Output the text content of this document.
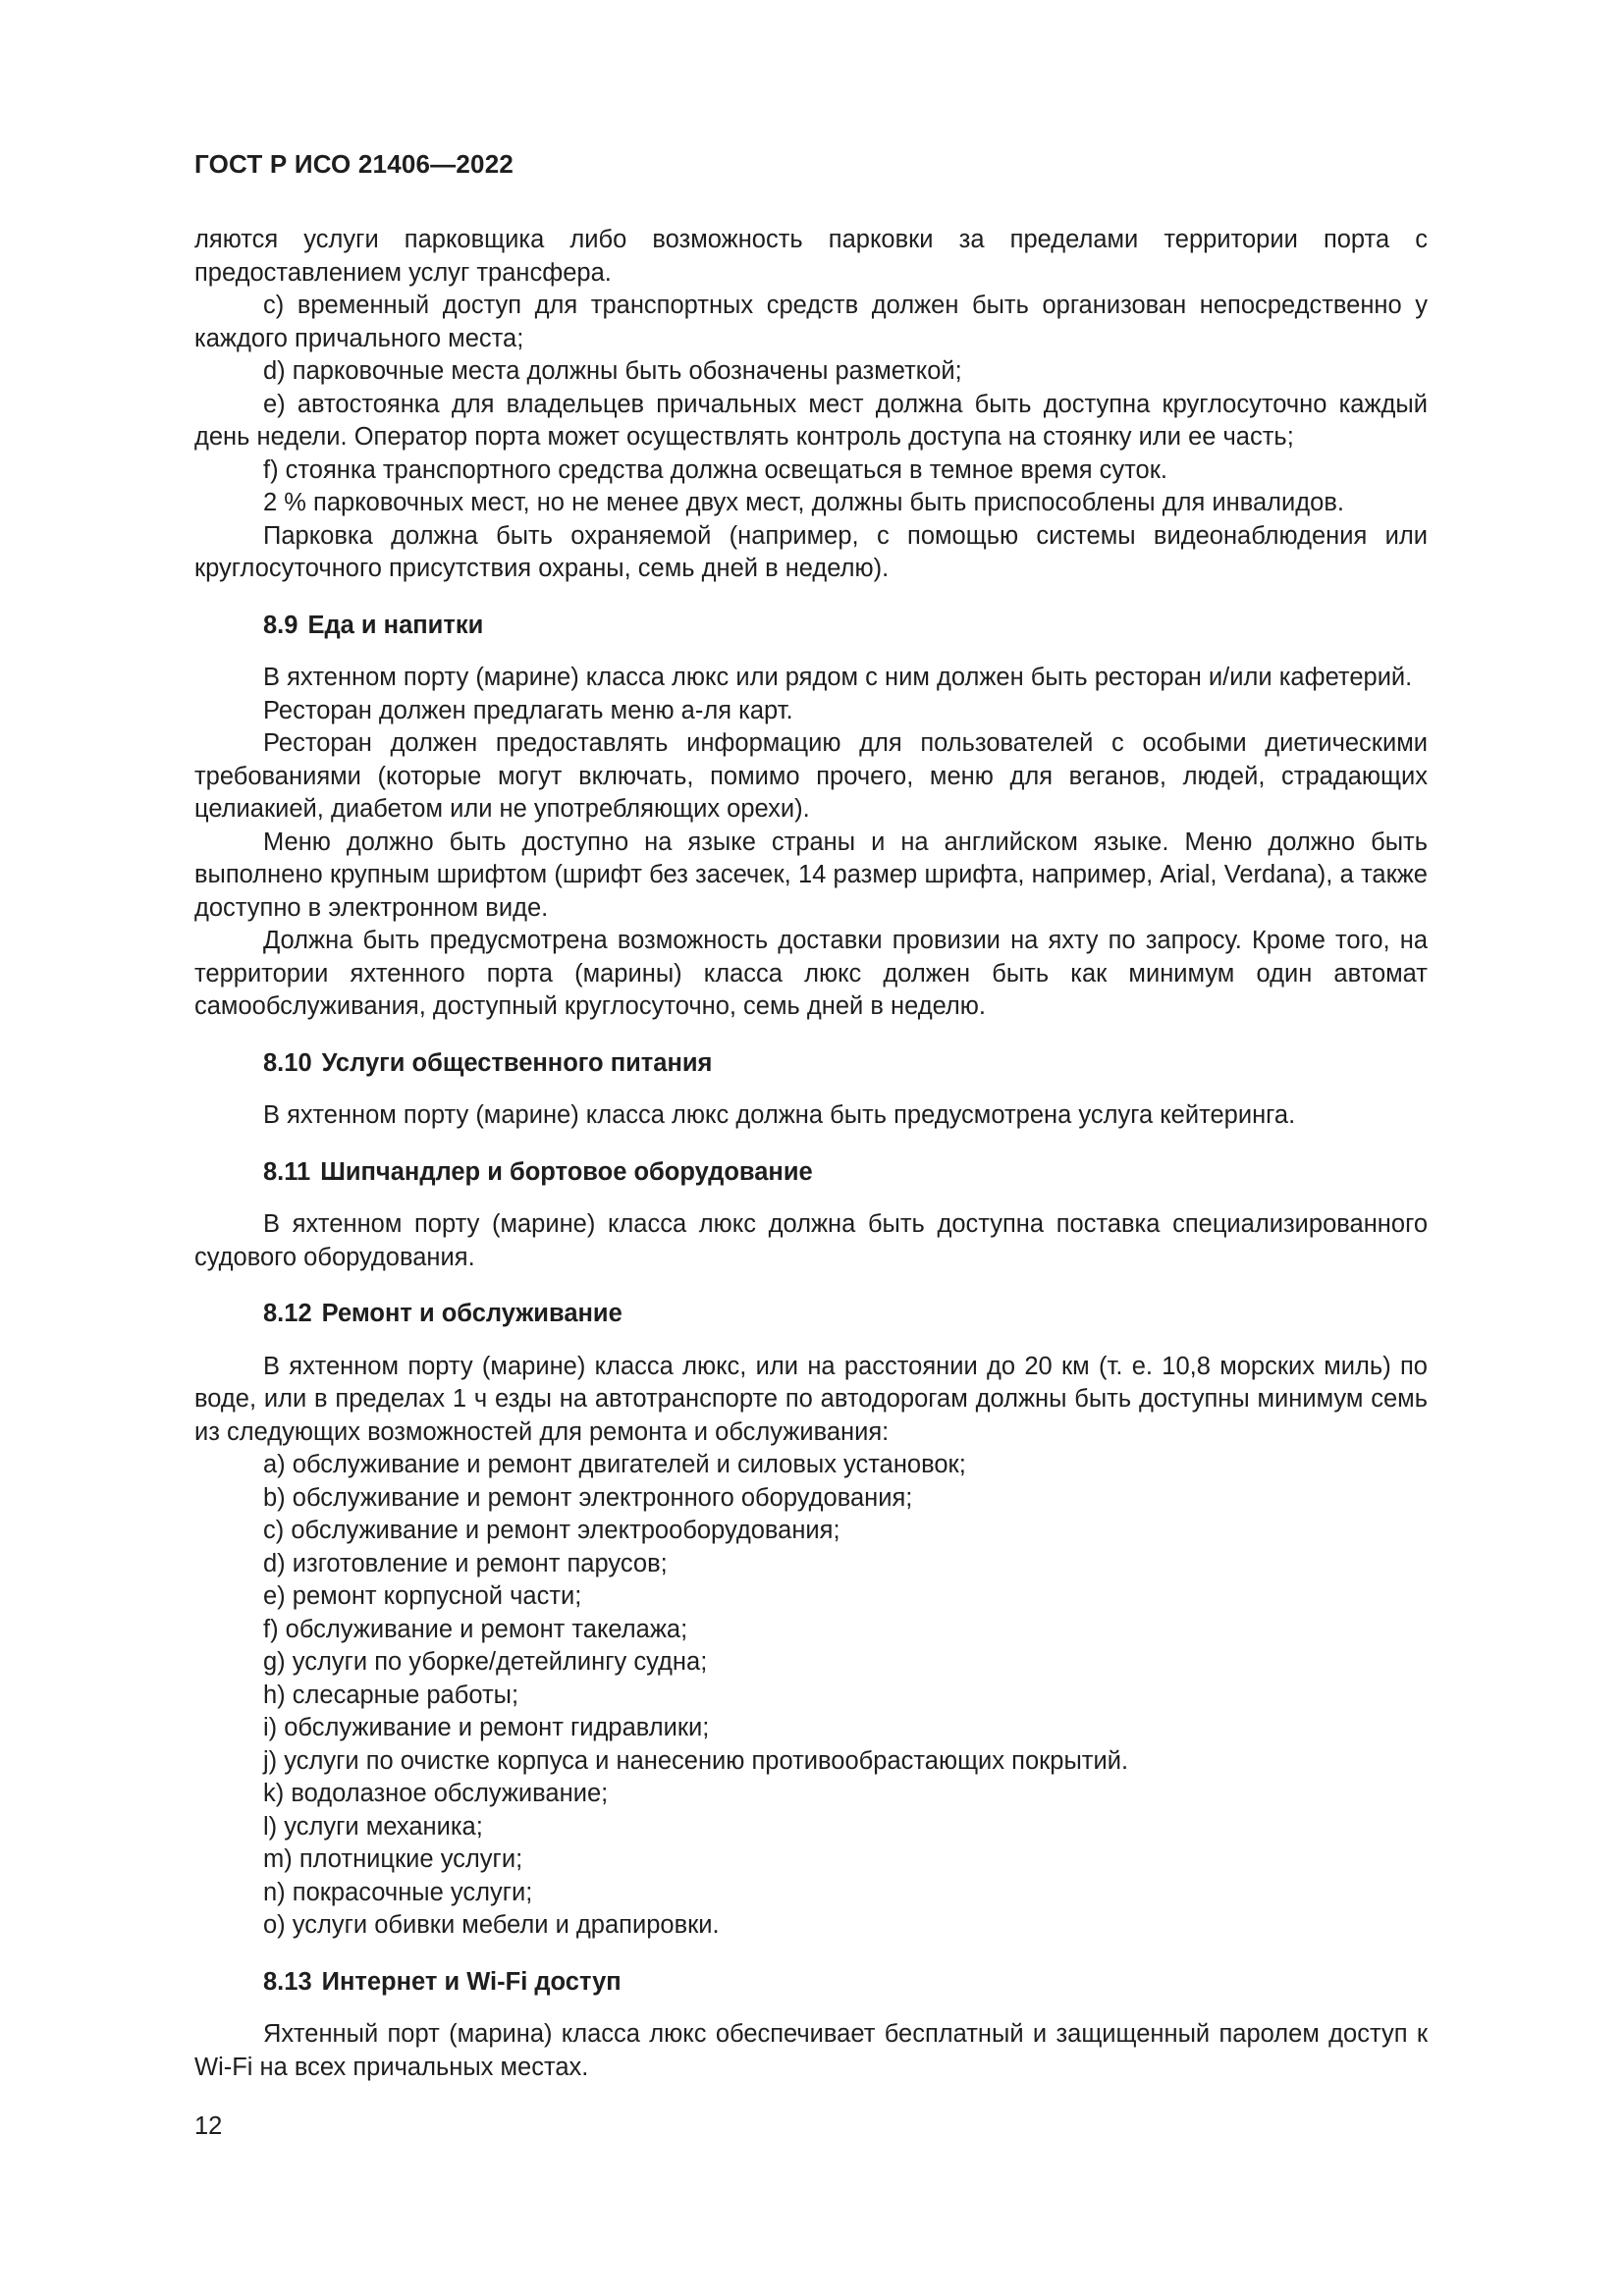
ГОСТ Р ИСО 21406—2022

ляются услуги парковщика либо возможность парковки за пределами территории порта с предоставлением услуг трансфера.

c) временный доступ для транспортных средств должен быть организован непосредственно у каждого причального места;

d) парковочные места должны быть обозначены разметкой;

e) автостоянка для владельцев причальных мест должна быть доступна круглосуточно каждый день недели. Оператор порта может осуществлять контроль доступа на стоянку или ее часть;

f) стоянка транспортного средства должна освещаться в темное время суток.

2 % парковочных мест, но не менее двух мест, должны быть приспособлены для инвалидов.

Парковка должна быть охраняемой (например, с помощью системы видеонаблюдения или круглосуточного присутствия охраны, семь дней в неделю).

8.9 Еда и напитки

В яхтенном порту (марине) класса люкс или рядом с ним должен быть ресторан и/или кафетерий.

Ресторан должен предлагать меню а-ля карт.

Ресторан должен предоставлять информацию для пользователей с особыми диетическими требованиями (которые могут включать, помимо прочего, меню для веганов, людей, страдающих целиакией, диабетом или не употребляющих орехи).

Меню должно быть доступно на языке страны и на английском языке. Меню должно быть выполнено крупным шрифтом (шрифт без засечек, 14 размер шрифта, например, Arial, Verdana), а также доступно в электронном виде.

Должна быть предусмотрена возможность доставки провизии на яхту по запросу. Кроме того, на территории яхтенного порта (марины) класса люкс должен быть как минимум один автомат самообслуживания, доступный круглосуточно, семь дней в неделю.

8.10 Услуги общественного питания

В яхтенном порту (марине) класса люкс должна быть предусмотрена услуга кейтеринга.

8.11 Шипчандлер и бортовое оборудование

В яхтенном порту (марине) класса люкс должна быть доступна поставка специализированного судового оборудования.

8.12 Ремонт и обслуживание

В яхтенном порту (марине) класса люкс, или на расстоянии до 20 км (т. е. 10,8 морских миль) по воде, или в пределах 1 ч езды на автотранспорте по автодорогам должны быть доступны минимум семь из следующих возможностей для ремонта и обслуживания:

a) обслуживание и ремонт двигателей и силовых установок;

b) обслуживание и ремонт электронного оборудования;

c) обслуживание и ремонт электрооборудования;

d) изготовление и ремонт парусов;

e) ремонт корпусной части;

f) обслуживание и ремонт такелажа;

g) услуги по уборке/детейлингу судна;

h) слесарные работы;

i) обслуживание и ремонт гидравлики;

j) услуги по очистке корпуса и нанесению противообрастающих покрытий.

k) водолазное обслуживание;

l) услуги механика;

m) плотницкие услуги;

n) покрасочные услуги;

o) услуги обивки мебели и драпировки.

8.13 Интернет и Wi-Fi доступ

Яхтенный порт (марина) класса люкс обеспечивает бесплатный и защищенный паролем доступ к Wi-Fi на всех причальных местах.

12
